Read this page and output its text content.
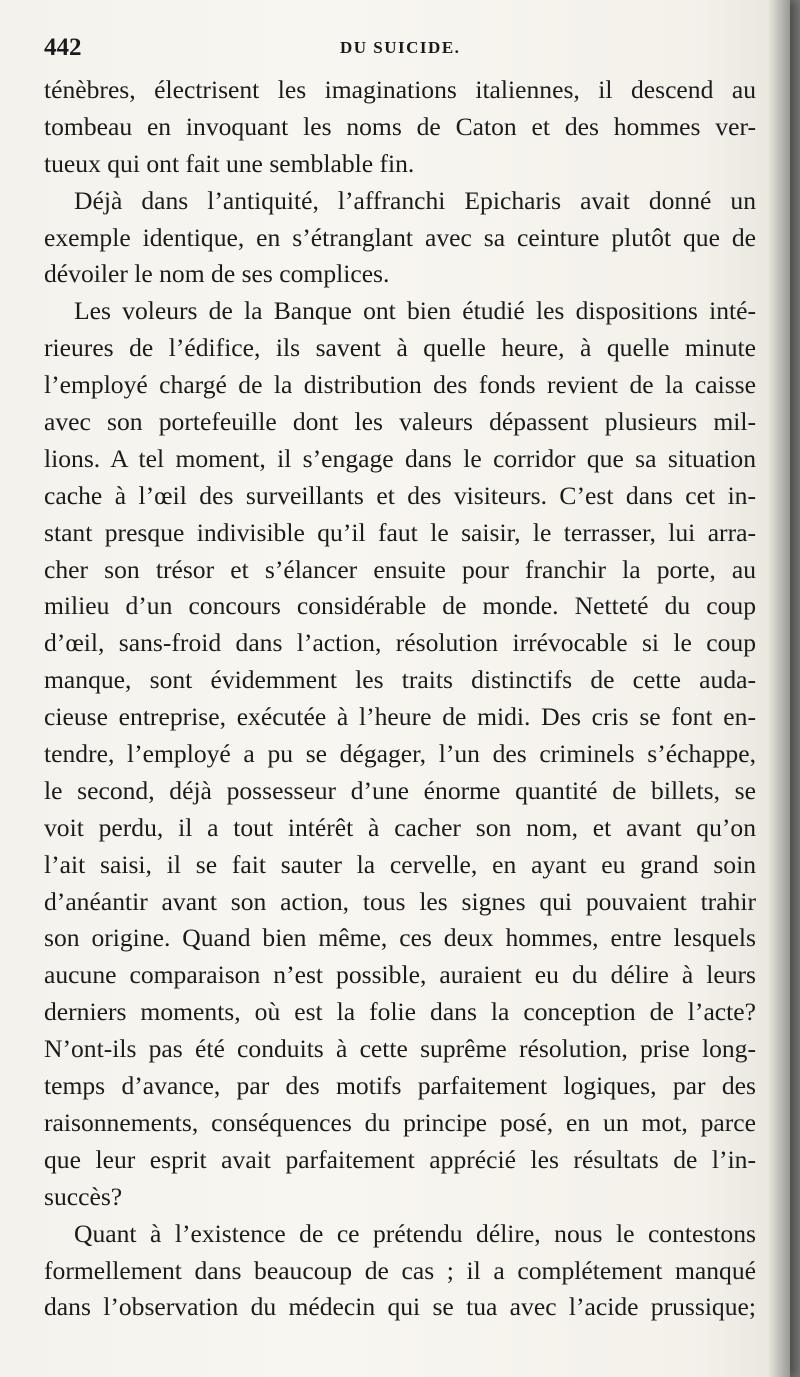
442	DU SUICIDE.
ténèbres, électrisent les imaginations italiennes, il descend au
tombeau en invoquant les noms de Caton et des hommes ver-
tueux qui ont fait une semblable fin.
Déjà dans l’antiquité, l’affranchi Epicharis avait donné un
exemple identique, en s’étranglant avec sa ceinture plutôt que de
dévoiler le nom de ses complices.
Les voleurs de la Banque ont bien étudié les dispositions inté-
rieures de l’édifice, ils savent à quelle heure, à quelle minute
l’employé chargé de la distribution des fonds revient de la caisse
avec son portefeuille dont les valeurs dépassent plusieurs mil-
lions. A tel moment, il s’engage dans le corridor que sa situation
cache à l’œil des surveillants et des visiteurs. C’est dans cet in-
stant presque indivisible qu’il faut le saisir, le terrasser, lui arra-
cher son trésor et s’élancer ensuite pour franchir la porte, au
milieu d’un concours considérable de monde. Netteté du coup
d’œil, sans-froid dans l’action, résolution irrévocable si le coup
manque, sont évidemment les traits distinctifs de cette auda-
cieuse entreprise, exécutée à l’heure de midi. Des cris se font en-
tendre, l’employé a pu se dégager, l’un des criminels s’échappe,
le second, déjà possesseur d’une énorme quantité de billets, se
voit perdu, il a tout intérêt à cacher son nom, et avant qu’on
l’ait saisi, il se fait sauter la cervelle, en ayant eu grand soin
d’anéantir avant son action, tous les signes qui pouvaient trahir
son origine. Quand bien même, ces deux hommes, entre lesquels
aucune comparaison n’est possible, auraient eu du délire à leurs
derniers moments, où est la folie dans la conception de l’acte?
N’ont-ils pas été conduits à cette suprême résolution, prise long-
temps d’avance, par des motifs parfaitement logiques, par des
raisonnements, conséquences du principe posé, en un mot, parce
que leur esprit avait parfaitement apprécié les résultats de l’in-
succès?
Quant à l’existence de ce prétendu délire, nous le contestons
formellement dans beaucoup de cas ; il a complétement manqué
dans l’observation du médecin qui se tua avec l’acide prussique;
